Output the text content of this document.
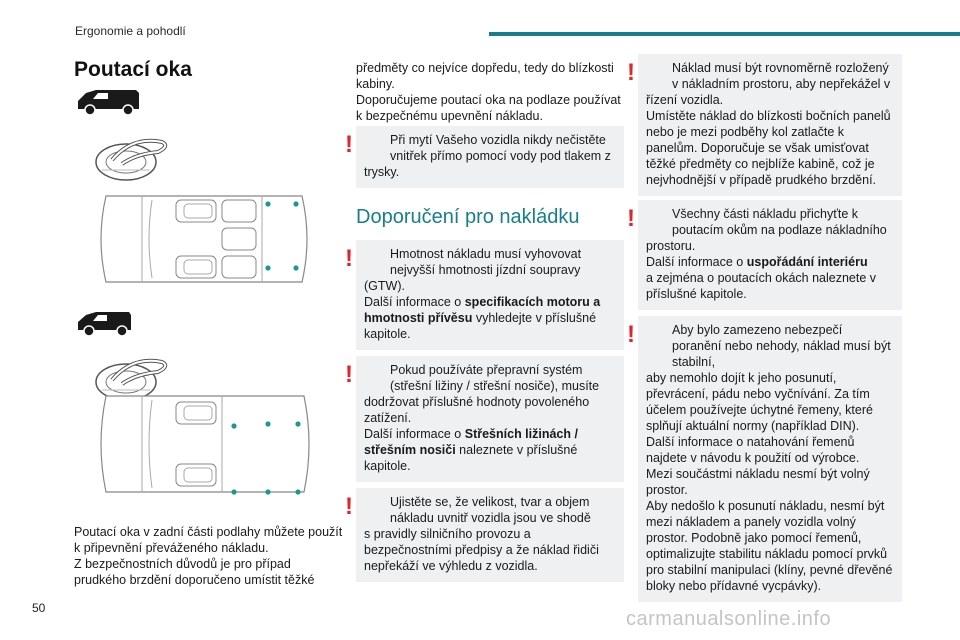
Ergonomie a pohodlí
Poutací oka
Poutací oka v zadní části podlahy můžete použít k připevnění převáženého nákladu.
Z bezpečnostních důvodů je pro případ prudkého brzdění doporučeno umístit těžké
předměty co nejvíce dopředu, tedy do blízkosti kabiny.
Doporučujeme poutací oka na podlaze používat k bezpečnému upevnění nákladu.
!	Při mytí Vašeho vozidla nikdy nečistěte vnitřek přímo pomocí vody pod tlakem z

trysky.

Doporučení pro nakládku
!	Hmotnost nákladu musí vyhovovat nejvyšší hmotnosti jízdní soupravy

(GTW).

Další informace o specifikacích motoru a hmotnosti přívěsu vyhledejte v příslušné kapitole.

!	Pokud používáte přepravní systém (střešní ližiny / střešní nosiče), musíte

dodržovat příslušné hodnoty povoleného zatížení.

Další informace o Střešních ližinách / střešním nosiči naleznete v příslušné kapitole.

!	Ujistěte se, že velikost, tvar a objem nákladu uvnitř vozidla jsou ve shodě

s pravidly silničního provozu a bezpečnostními předpisy a že náklad řidiči nepřekáží ve výhledu z vozidla.

!	Náklad musí být rovnoměrně rozložený v nákladním prostoru, aby nepřekážel v

řízení vozidla.
Umístěte náklad do blízkosti bočních panelů nebo je mezi podběhy kol zatlačte k panelům. Doporučuje se však umisťovat těžké předměty co nejblíže kabině, což je nejvhodnější v případě prudkého brzdění.

!	Všechny části nákladu přichyťte k poutacím okům na podlaze nákladního

prostoru.

Další informace o uspořádání interiéru

a zejména o poutacích okách naleznete v příslušné kapitole.

!	Aby bylo zamezeno nebezpečí poranění nebo nehody, náklad musí být stabilní,

aby nemohlo dojít k jeho posunutí, převrácení, pádu nebo vyčnívání. Za tím účelem používejte úchytné řemeny, které splňují aktuální normy (například DIN).
Další informace o natahování řemenů najdete v návodu k použití od výrobce.
Mezi součástmi nákladu nesmí být volný prostor.
Aby nedošlo k posunutí nákladu, nesmí být mezi nákladem a panely vozidla volný prostor. Podobně jako pomocí řemenů, optimalizujte stabilitu nákladu pomocí prvků pro stabilní manipulaci (klíny, pevné dřevěné bloky nebo přídavné vycpávky).

50	carmanualsonline.info
